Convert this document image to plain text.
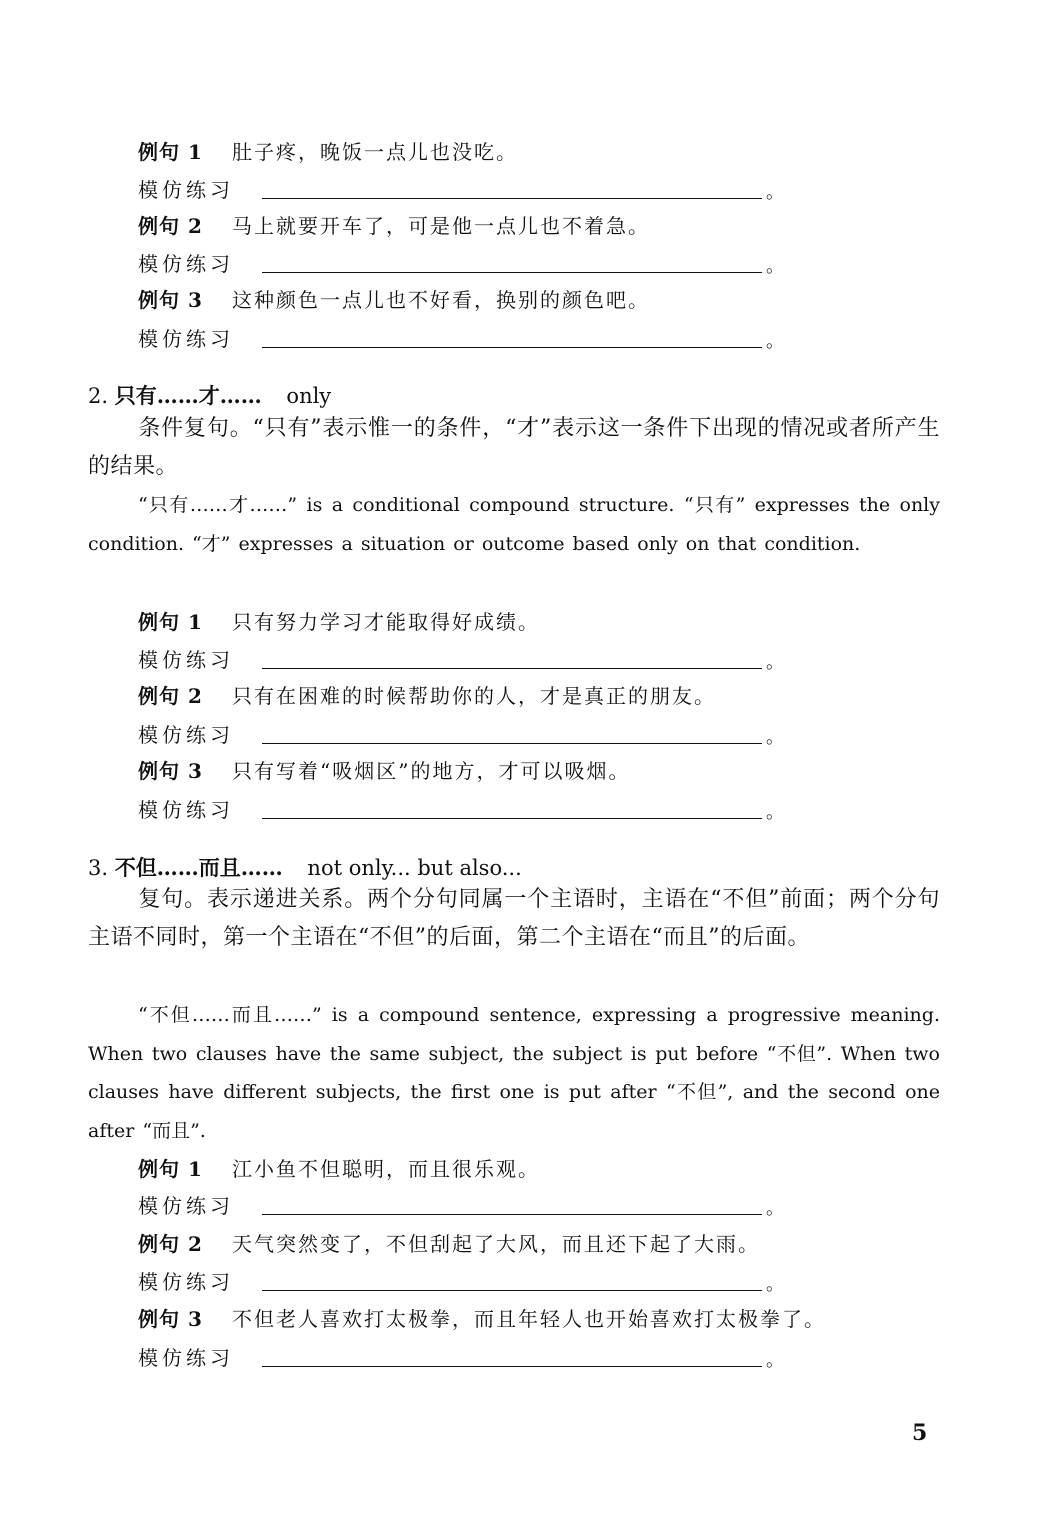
例句 1	肚子疼，晚饭一点儿也没吃。
模仿练习	。
例句 2	马上就要开车了，可是他一点儿也不着急。
模仿练习	。
例句 3	这种颜色一点儿也不好看，换别的颜色吧。
模仿练习	。
2. 只有……才…… only
条件复句。“只有”表示惟一的条件，“才”表示这一条件下出现的情况或者所产生的结果。
“只有……才……” is a conditional compound structure. “只有” expresses the only condition. “才” expresses a situation or outcome based only on that condition.
例句 1	只有努力学习才能取得好成绩。
模仿练习	。
例句 2	只有在困难的时候帮助你的人，才是真正的朋友。
模仿练习	。
例句 3	只有写着“吸烟区”的地方，才可以吸烟。
模仿练习	。
3. 不但……而且…… not only... but also...
复句。表示递进关系。两个分句同属一个主语时，主语在“不但”前面；两个分句主语不同时，第一个主语在“不但”的后面，第二个主语在“而且”的后面。
“不但……而且……” is a compound sentence, expressing a progressive meaning. When two clauses have the same subject, the subject is put before “不但”. When two clauses have different subjects, the first one is put after “不但”, and the second one after “而且”.
例句 1	江小鱼不但聪明，而且很乐观。
模仿练习	。
例句 2	天气突然变了，不但刮起了大风，而且还下起了大雨。
模仿练习	。
例句 3	不但老人喜欢打太极拳，而且年轻人也开始喜欢打太极拳了。
模仿练习	。
5
